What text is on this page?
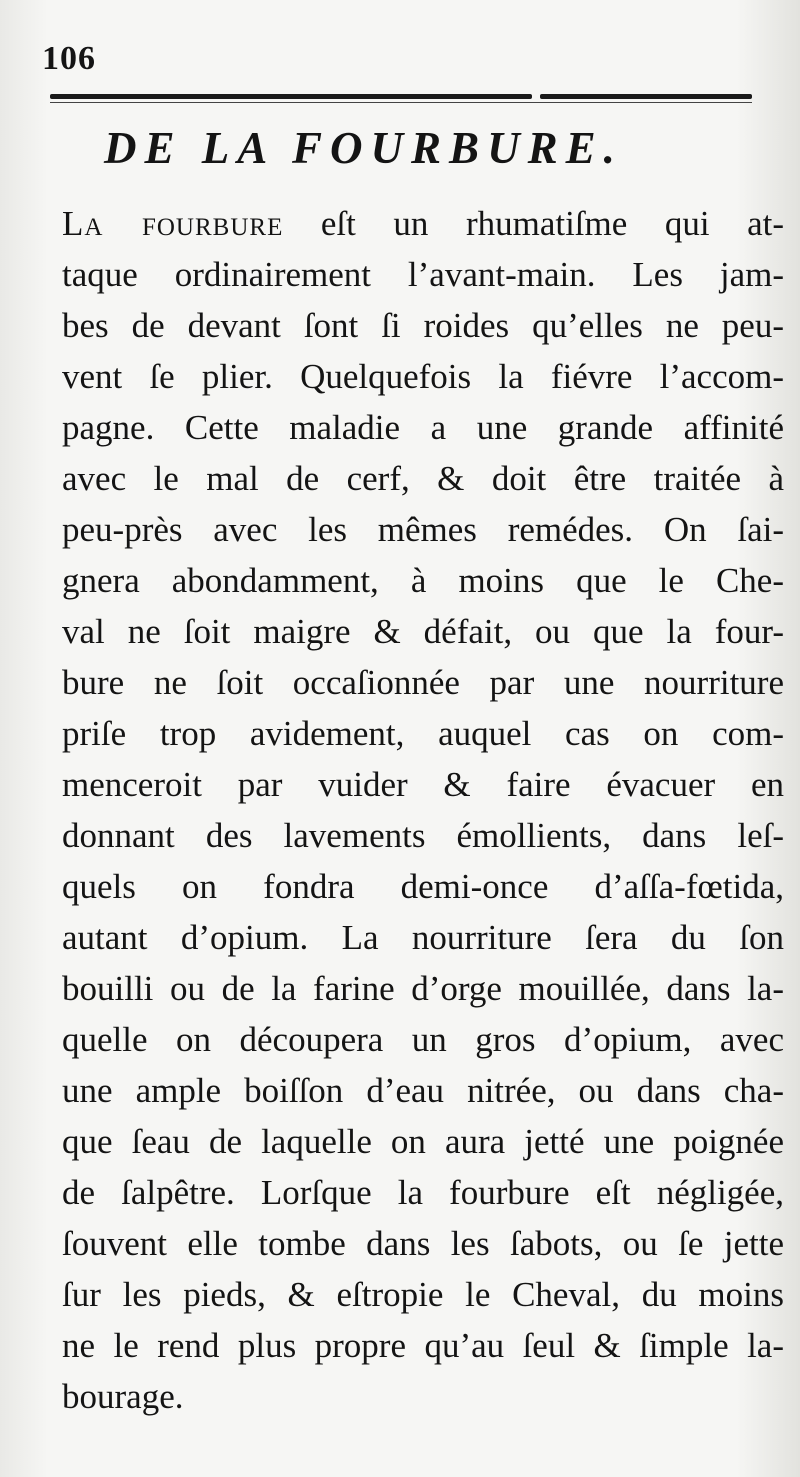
106
DE LA FOURBURE.
La fourbure eſt un rhumatiſme qui at-
taque ordinairement l’avant-main. Les jam-
bes de devant ſont ſi roides qu’elles ne peu-
vent ſe plier. Quelquefois la fiévre l’accom-
pagne. Cette maladie a une grande affinité
avec le mal de cerf, & doit être traitée à
peu-près avec les mêmes remédes. On ſai-
gnera abondamment, à moins que le Che-
val ne ſoit maigre & défait, ou que la four-
bure ne ſoit occaſionnée par une nourriture
priſe trop avidement, auquel cas on com-
menceroit par vuider & faire évacuer en
donnant des lavements émollients, dans leſ-
quels on fondra demi-once d’aſſa-fœtida,
autant d’opium. La nourriture ſera du ſon
bouilli ou de la farine d’orge mouillée, dans la-
quelle on découpera un gros d’opium, avec
une ample boiſſon d’eau nitrée, ou dans cha-
que ſeau de laquelle on aura jetté une poignée
de ſalpêtre. Lorſque la fourbure eſt négligée,
ſouvent elle tombe dans les ſabots, ou ſe jette
ſur les pieds, & eſtropie le Cheval, du moins
ne le rend plus propre qu’au ſeul & ſimple la-
bourage.
